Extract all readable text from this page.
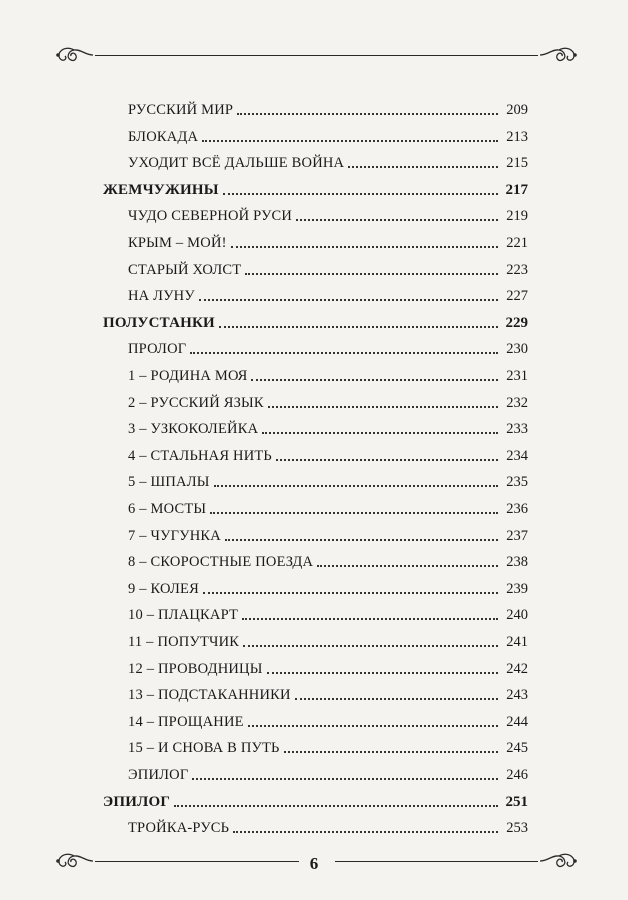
РУССКИЙ МИР	209
БЛОКАДА	213
УХОДИТ ВСЁ ДАЛЬШЕ ВОЙНА	215
ЖЕМЧУЖИНЫ	217
ЧУДО СЕВЕРНОЙ РУСИ	219
КРЫМ – МОЙ!	221
СТАРЫЙ ХОЛСТ	223
НА ЛУНУ	227
ПОЛУСТАНКИ	229
ПРОЛОГ	230
1 – РОДИНА МОЯ	231
2 – РУССКИЙ ЯЗЫК	232
3 – УЗКОКОЛЕЙКА	233
4 – СТАЛЬНАЯ НИТЬ	234
5 – ШПАЛЫ	235
6 – МОСТЫ	236
7 – ЧУГУНКА	237
8 – СКОРОСТНЫЕ ПОЕЗДА	238
9 – КОЛЕЯ	239
10 – ПЛАЦКАРТ	240
11 – ПОПУТЧИК	241
12 – ПРОВОДНИЦЫ	242
13 – ПОДСТАКАННИКИ	243
14 – ПРОЩАНИЕ	244
15 – И СНОВА В ПУТЬ	245
ЭПИЛОГ	246
ЭПИЛОГ	251
ТРОЙКА-РУСЬ	253
6
